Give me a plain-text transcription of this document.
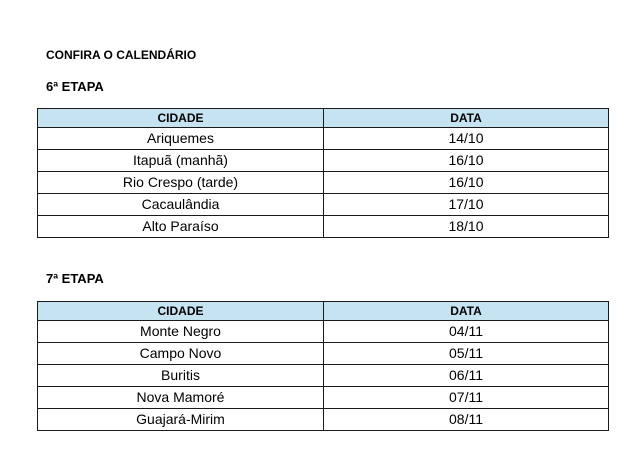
CONFIRA O CALENDÁRIO
6ª ETAPA
CIDADE	DATA
Ariquemes	14/10
Itapuã (manhã)	16/10
Rio Crespo (tarde)	16/10
Cacaulândia	17/10
Alto Paraíso	18/10
7ª ETAPA
CIDADE	DATA
Monte Negro	04/11
Campo Novo	05/11
Buritis	06/11
Nova Mamoré	07/11
Guajará-Mirim	08/11
